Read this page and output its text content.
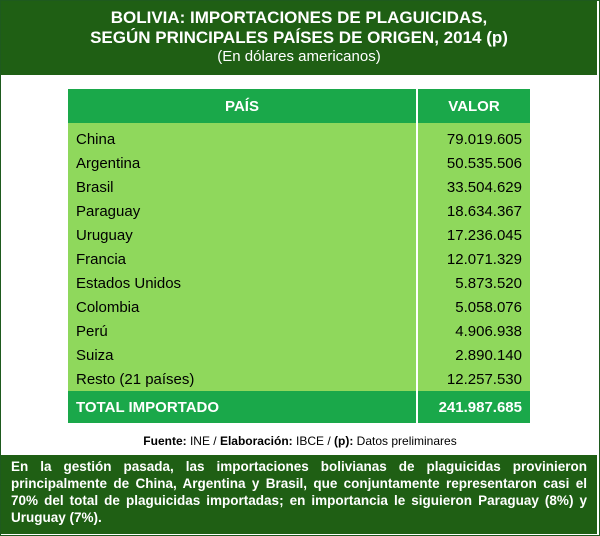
BOLIVIA: IMPORTACIONES DE PLAGUICIDAS,
SEGÚN PRINCIPALES PAÍSES DE ORIGEN, 2014 (p)
(En dólares americanos)
PAÍS	VALOR
China	79.019.605
Argentina	50.535.506
Brasil	33.504.629
Paraguay	18.634.367
Uruguay	17.236.045
Francia	12.071.329
Estados Unidos	5.873.520
Colombia	5.058.076
Perú	4.906.938
Suiza	2.890.140
Resto (21 países)	12.257.530
TOTAL IMPORTADO	241.987.685
Fuente: INE / Elaboración: IBCE / (p): Datos preliminares
En la gestión pasada, las importaciones bolivianas de plaguicidas provinieron principalmente de China, Argentina y Brasil, que conjuntamente representaron casi el 70% del total de plaguicidas importadas; en importancia le siguieron Paraguay (8%) y Uruguay (7%).
